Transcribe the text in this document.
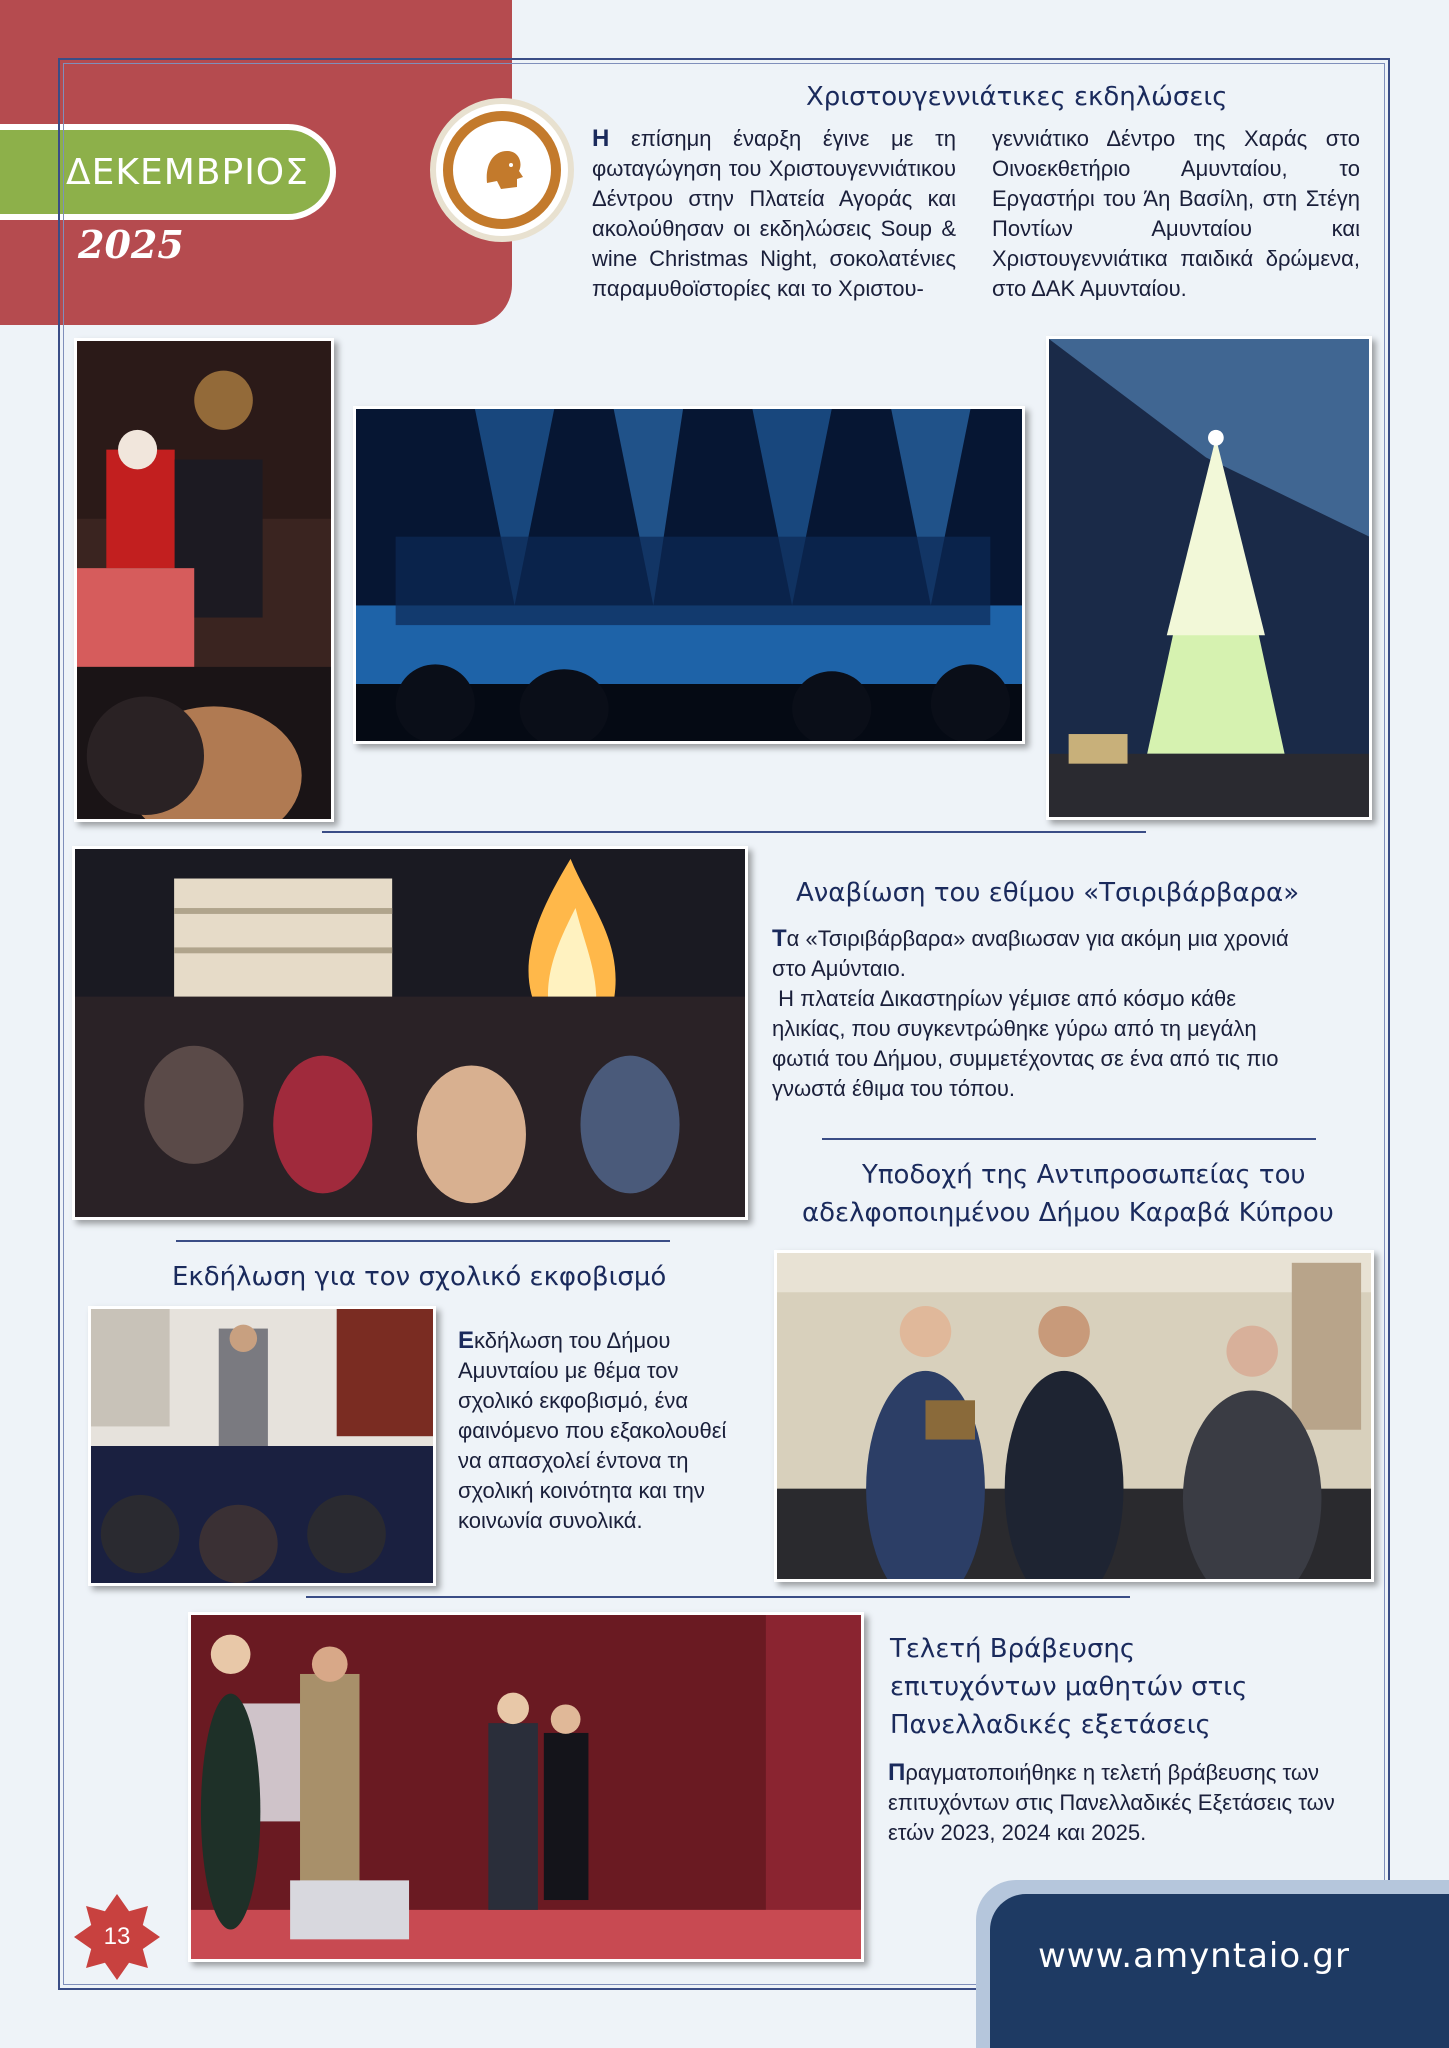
ΔΕΚΕΜΒΡΙΟΣ
2025
Χριστουγεννιάτικες εκδηλώσεις
Η επίσημη έναρξη έγινε με τη φωταγώγηση του Χριστουγεννιάτικου Δέντρου στην Πλατεία Αγοράς και ακολούθησαν οι εκδηλώσεις Soup & wine Christmas Night, σοκολατένιες παραμυθοϊστορίες και το Χριστου-
γεννιάτικο Δέντρο της Χαράς στο Οινοεκθετήριο Αμυνταίου, το Εργαστήρι του Άη Βασίλη, στη Στέγη Ποντίων Αμυνταίου και Χριστουγεννιάτικα παιδικά δρώμενα, στο ΔΑΚ Αμυνταίου.
Αναβίωση του εθίμου «Τσιριβάρβαρα»
Τα «Τσιριβάρβαρα» αναβιωσαν για ακόμη μια χρονιά στο Αμύνταιο.
Η πλατεία Δικαστηρίων γέμισε από κόσμο κάθε ηλικίας, που συγκεντρώθηκε γύρω από τη μεγάλη φωτιά του Δήμου, συμμετέχοντας σε ένα από τις πιο γνωστά έθιμα του τόπου.
Υποδοχή της Αντιπροσωπείας του
αδελφοποιημένου Δήμου Καραβά Κύπρου
Εκδήλωση για τον σχολικό εκφοβισμό
Εκδήλωση του Δήμου Αμυνταίου με θέμα τον σχολικό εκφοβισμό, ένα φαινόμενο που εξακολουθεί να απασχολεί έντονα τη σχολική κοινότητα και την κοινωνία συνολικά.
Τελετή Βράβευσης
επιτυχόντων μαθητών στις
Πανελλαδικές εξετάσεις
Πραγματοποιήθηκε η τελετή βράβευσης των επιτυχόντων στις Πανελλαδικές Εξετάσεις των ετών 2023, 2024 και 2025.
13	www.amyntaio.gr
